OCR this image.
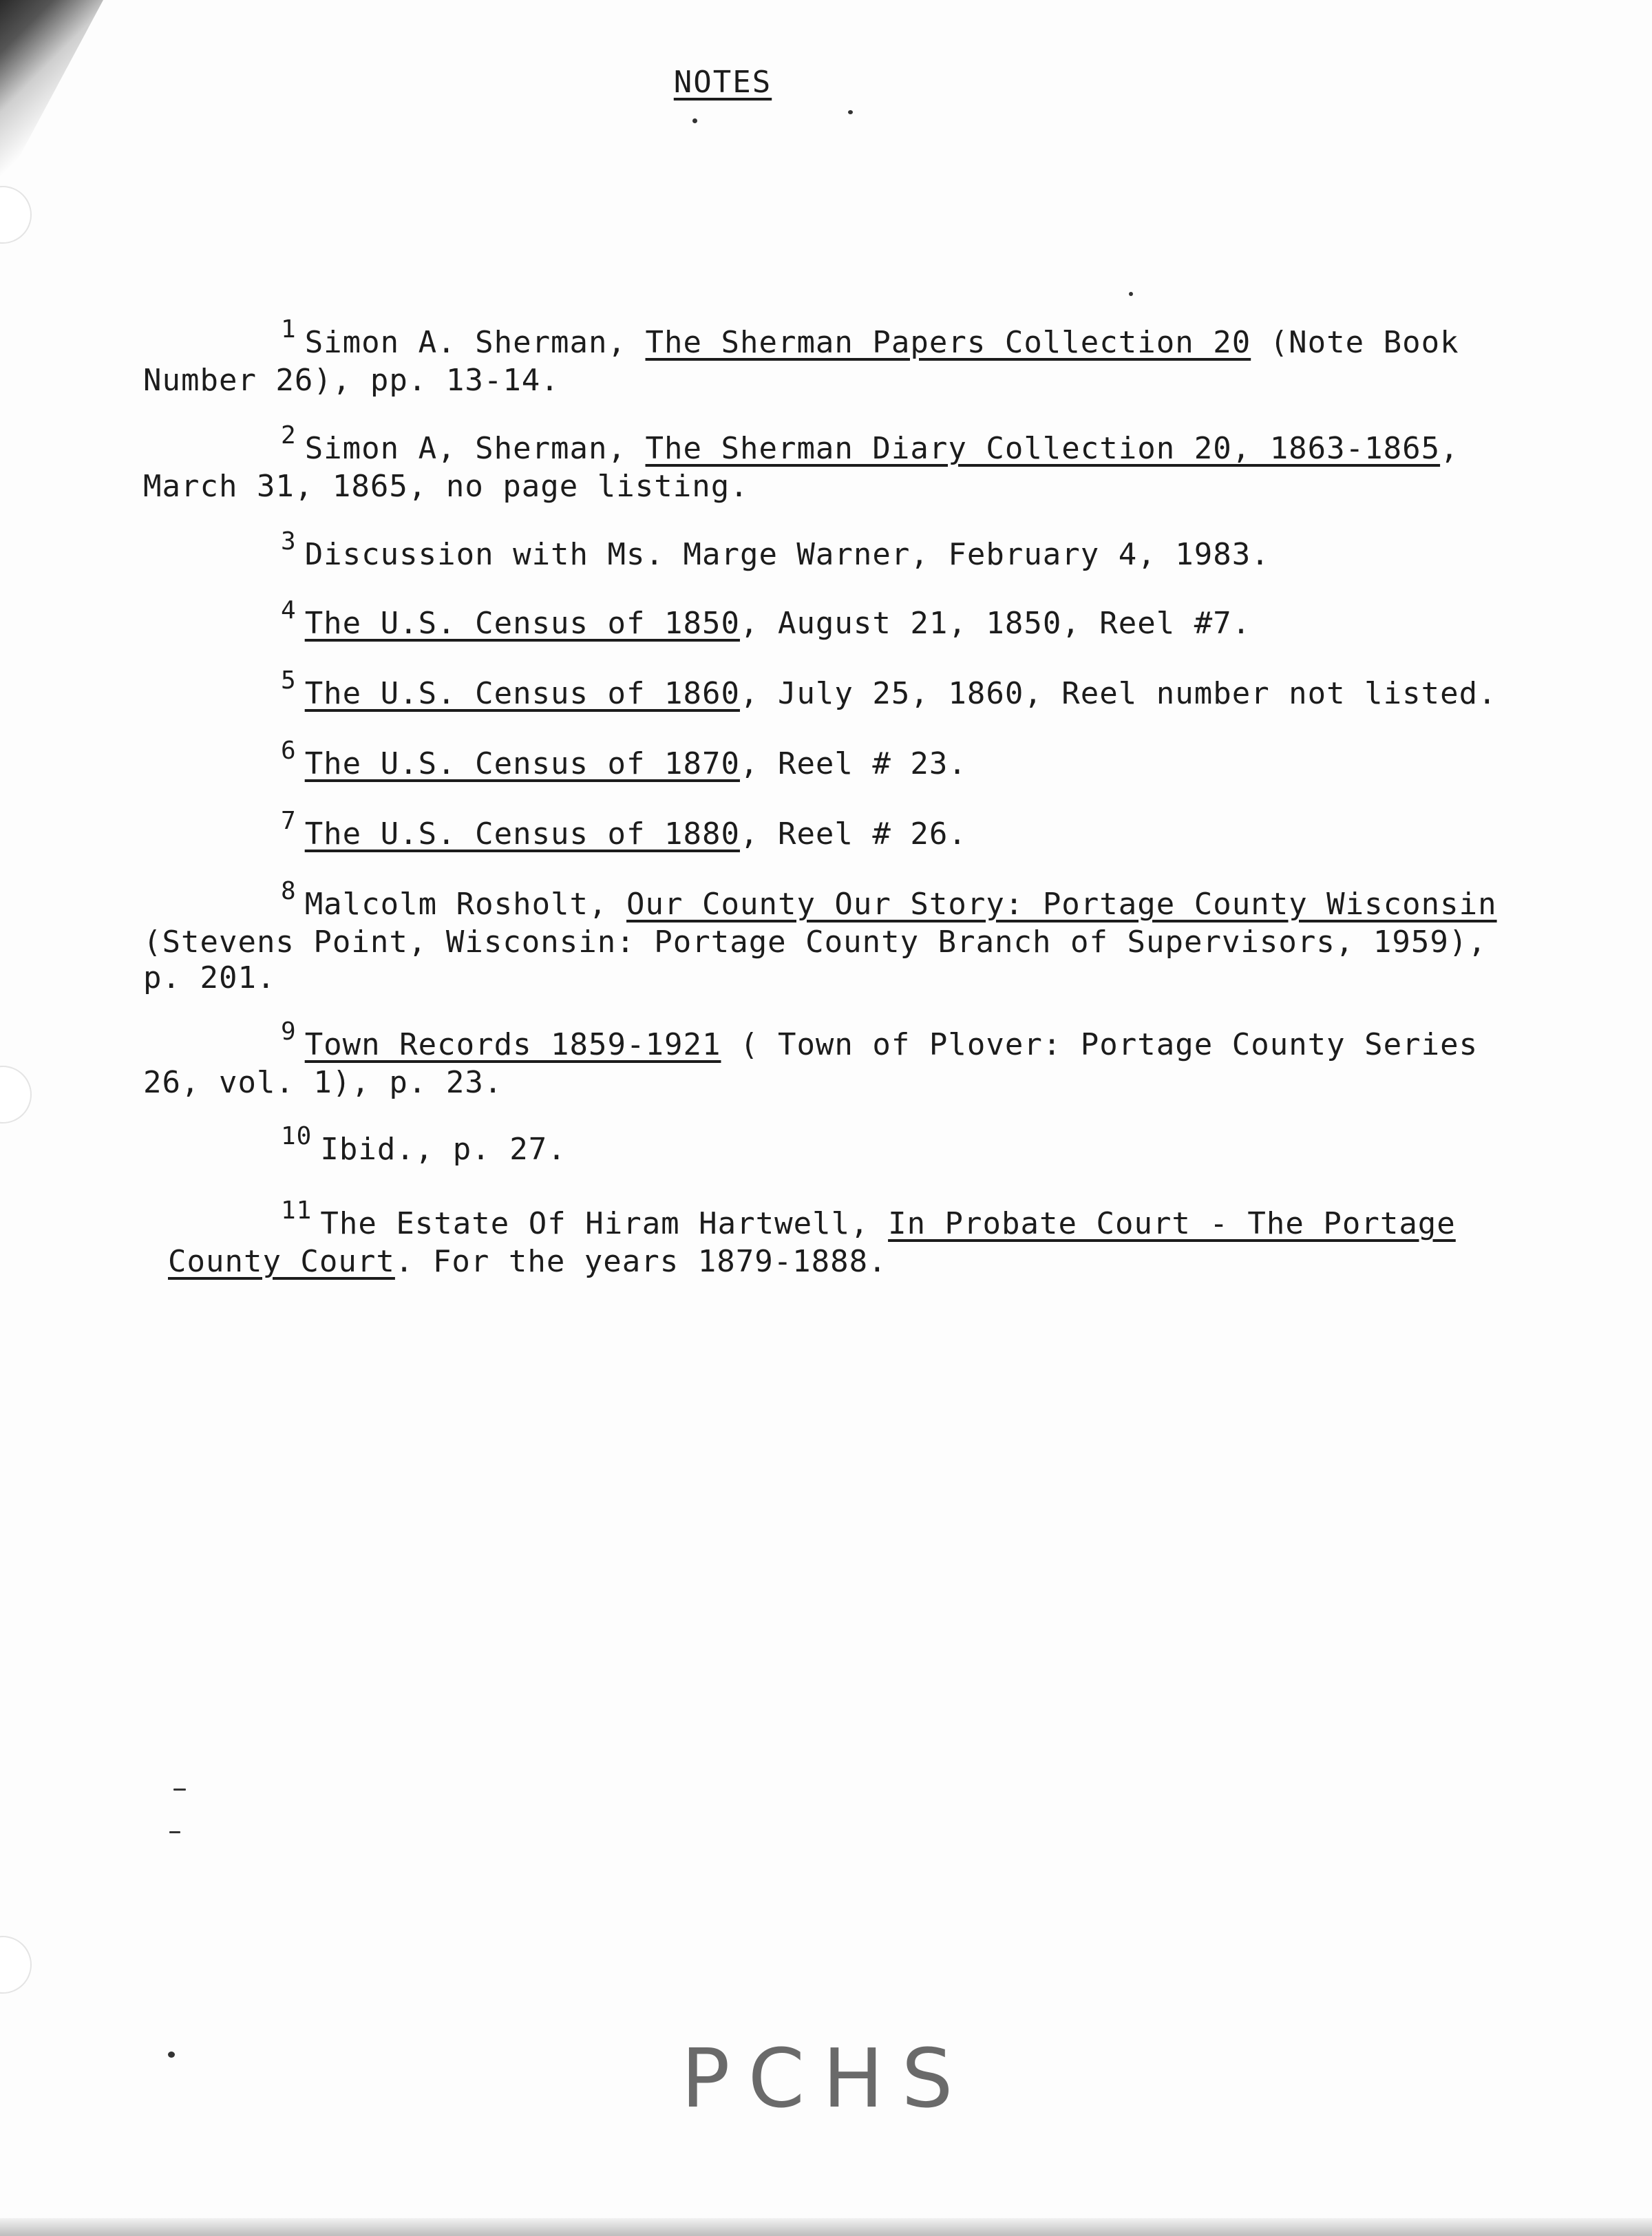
NOTES
$^1$ Simon A. Sherman, The Sherman Papers Collection 20 (Note Book
Number 26), pp. 13-14.
$^2$ Simon A, Sherman, The Sherman Diary Collection 20, 1863-1865,
March 31, 1865, no page listing.
$^3$ Discussion with Ms. Marge Warner, February 4, 1983.
$^4$ The U.S. Census of 1850, August 21, 1850, Reel #7.
$^5$ The U.S. Census of 1860, July 25, 1860, Reel number not listed.
$^6$ The U.S. Census of 1870, Reel # 23.
$^7$ The U.S. Census of 1880, Reel # 26.
$^8$ Malcolm Rosholt, Our County Our Story: Portage County Wisconsin
(Stevens Point, Wisconsin: Portage County Branch of Supervisors, 1959),
p. 201.
$^9$ Town Records 1859-1921 ( Town of Plover: Portage County Series
26, vol. 1), p. 23.
$^{10}$ Ibid., p. 27.
$^{11}$ The Estate Of Hiram Hartwell, In Probate Court - The Portage
County Court. For the years 1879-1888.
PCHS
